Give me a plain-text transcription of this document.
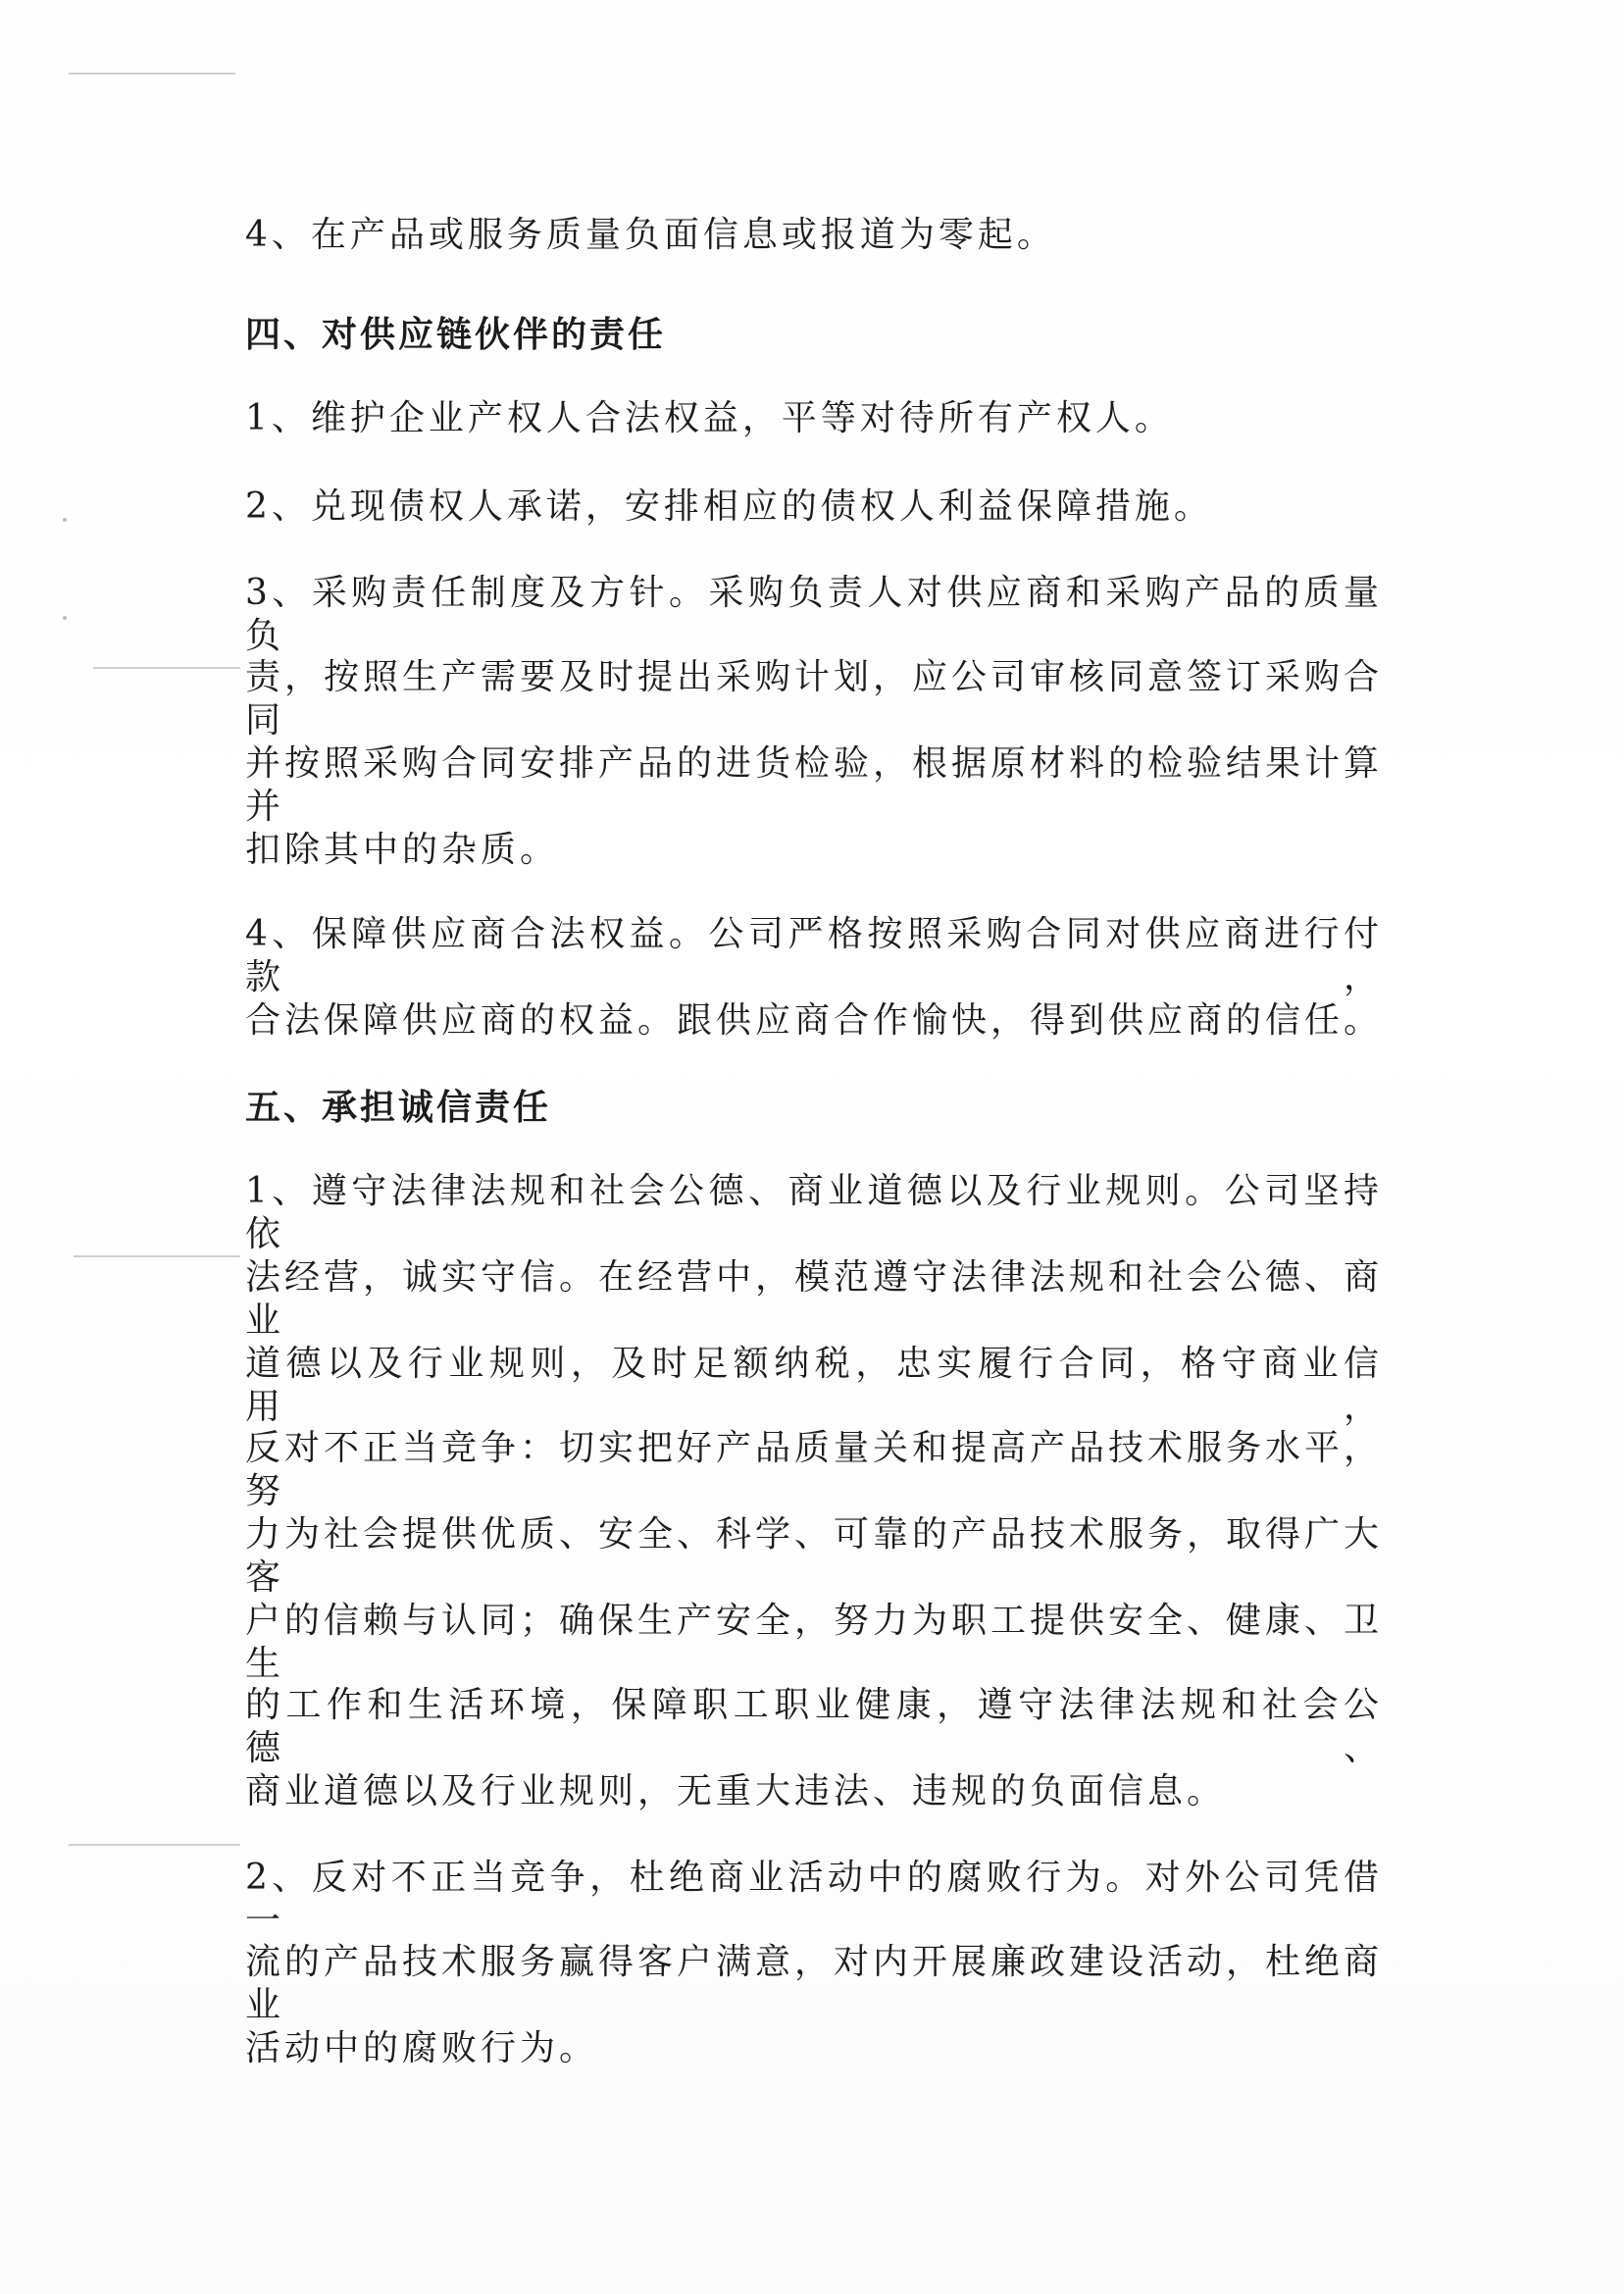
4、在产品或服务质量负面信息或报道为零起。

四、对供应链伙伴的责任

1、维护企业产权人合法权益，平等对待所有产权人。

2、兑现债权人承诺，安排相应的债权人利益保障措施。

3、采购责任制度及方针。采购负责人对供应商和采购产品的质量负

责，按照生产需要及时提出采购计划，应公司审核同意签订采购合同

并按照采购合同安排产品的进货检验，根据原材料的检验结果计算并

扣除其中的杂质。

4、保障供应商合法权益。公司严格按照采购合同对供应商进行付款，

合法保障供应商的权益。跟供应商合作愉快，得到供应商的信任。

五、承担诚信责任

1、遵守法律法规和社会公德、商业道德以及行业规则。公司坚持依

法经营，诚实守信。在经营中，模范遵守法律法规和社会公德、商业

道德以及行业规则，及时足额纳税，忠实履行合同，格守商业信用，

反对不正当竞争：切实把好产品质量关和提高产品技术服务水平，努

力为社会提供优质、安全、科学、可靠的产品技术服务，取得广大客

户的信赖与认同；确保生产安全，努力为职工提供安全、健康、卫生

的工作和生活环境，保障职工职业健康，遵守法律法规和社会公德、

商业道德以及行业规则，无重大违法、违规的负面信息。

2、反对不正当竞争，杜绝商业活动中的腐败行为。对外公司凭借一

流的产品技术服务赢得客户满意，对内开展廉政建设活动，杜绝商业

活动中的腐败行为。
